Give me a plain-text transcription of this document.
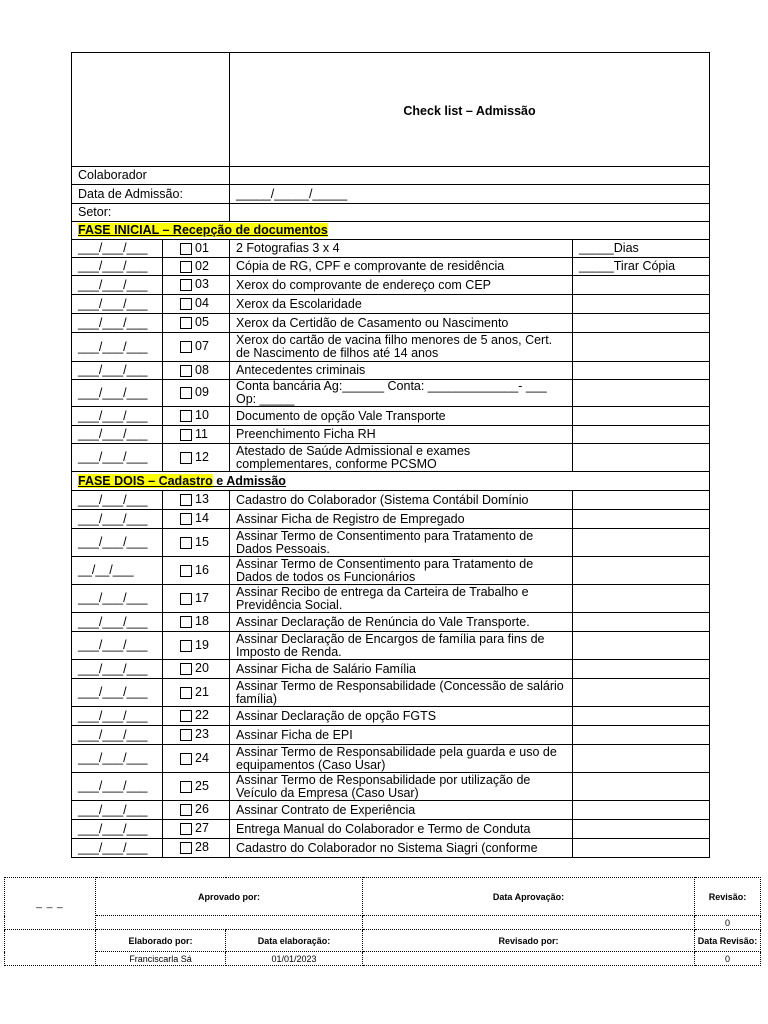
		Check list – Admissão	
Colaborador			
Data de Admissão:		_____/_____/_____	
Setor:			
FASE INICIAL – Recepção de documentos			
___/___/___	01	2 Fotografias 3 x 4	_____Dias
___/___/___	02	Cópia de RG, CPF e comprovante de residência	_____Tirar Cópia
___/___/___	03	Xerox do comprovante de endereço com CEP	
___/___/___	04	Xerox da Escolaridade	
___/___/___	05	Xerox da Certidão de Casamento ou Nascimento	
___/___/___	07	Xerox do cartão de vacina filho menores de 5 anos, Cert. de Nascimento de filhos até 14 anos	
___/___/___	08	Antecedentes criminais	
___/___/___	09	Conta bancária Ag:______ Conta: _____________- ___ Op: _____	
___/___/___	10	Documento de opção Vale Transporte	
___/___/___	11	Preenchimento Ficha RH	
___/___/___	12	Atestado de Saúde Admissional e exames complementares, conforme PCSMO	
FASE DOIS – Cadastro e Admissão			
___/___/___	13	Cadastro do Colaborador (Sistema Contábil Domínio	
___/___/___	14	Assinar Ficha de Registro de Empregado	
___/___/___	15	Assinar Termo de Consentimento para Tratamento de Dados Pessoais.	
__/__/___	16	Assinar Termo de Consentimento para Tratamento de Dados de todos os Funcionários	
___/___/___	17	Assinar Recibo de entrega da Carteira de Trabalho e Previdência Social.	
___/___/___	18	Assinar Declaração de Renúncia do Vale Transporte.	
___/___/___	19	Assinar Declaração de Encargos de família para fins de Imposto de Renda.	
___/___/___	20	Assinar Ficha de Salário Família	
___/___/___	21	Assinar Termo de Responsabilidade (Concessão de salário família)	
___/___/___	22	Assinar Declaração de opção FGTS	
___/___/___	23	Assinar Ficha de EPI	
___/___/___	24	Assinar Termo de Responsabilidade pela guarda e uso de equipamentos (Caso Usar)	
___/___/___	25	Assinar Termo de Responsabilidade por utilização de Veículo da Empresa (Caso Usar)	
___/___/___	26	Assinar Contrato de Experiência	
___/___/___	27	Entrega Manual do Colaborador e Termo de Conduta	
___/___/___	28	Cadastro do Colaborador no Sistema Siagri (conforme	
_ _ _	Aprovado por:		Data Aprovação:	Revisão:
				0
	Elaborado por:	Data elaboração:	Revisado por:	Data Revisão:
	Franciscarla Sá	01/01/2023		0
